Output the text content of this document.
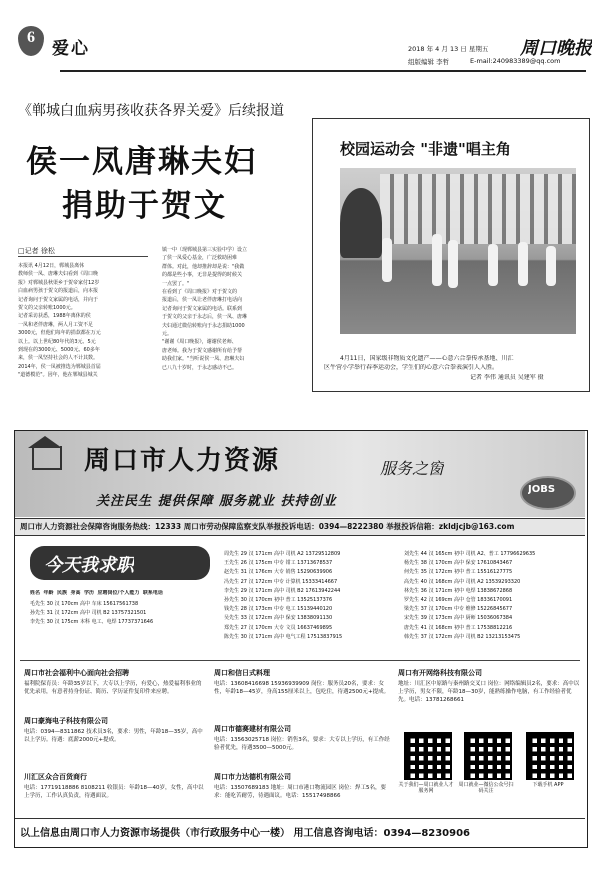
6
爱心	2018 年 4 月 13 日 星期五 周口晚报
组版编辑 李哲	E-mail:240983389@qq.com
《郸城白血病男孩收获各界关爱》后续报道
侯一凤唐琳夫妇
捐助于贺文
□记者 徐松
本报讯 4月12日，郸城县离休
教师侯一凤、唐琳夫妇看到《周口晚
报》对郸城县秋渠乡于贺帝家付12岁
白血病男孩于贺文的报道后，向本报
记者询问于贺文家属的电话，并向于
贺文的父亲转账1000元。
记者采访获悉，1988年离休的侯
一凤和老伴唐琳，两人月工资不足
3000元，但他们每年的捐款都在万元
以上。以上世纪80年代的3元、5元
到现在的3000元、5000元、60多年
来，侯一凤坚持社会的人不计其数。
2014年，侯一凤被推选为郸城县首届
"道德模范"。因年，他在郸城县城关
镇一中（现郸城县第三实验中学）设立
了侯一凤爱心基金，广泛救助困难
群体。对此，他却推辞却是说："我做
的都是些小事，无非是提得的时候关
一点罢了。"
在看到了《周口晚报》对于贺文的
报道后，侯一凤让老伴唐琳打电话向
记者询问于贺文家属的电话。联系到
于贺文的父亲于永志后，侯一凤、唐琳
夫妇通过微信转账向于永志捐助1000
元。
"谢谢《周口晚报》，谢谢侯老师、
唐老师。我为于贺文感谢所有给予帮
助我们家。"当听说侯一凤、唐琳夫妇
已八九十岁时，于永志感动不已。
校园运动会 "非遗"唱主角
4月11日，国家级非物质文化遗产——心意六合拳传承基地、川汇
区牛营小学举行春季运动会，学生们的心意六合拳表演引人入胜。
记者 李伟 通讯员 吴建军 摄
周口市人力资源	服务之窗
关注民生 提供保障 服务就业 扶持创业
JOBS
周口市人力资源社会保障咨询服务热线：12333 周口市劳动保障监察支队举报投诉电话：0394—8222380 举报投诉信箱：zkldjcjb@163.com
今天我求职
姓名 年龄 民族 身高 学历 应聘岗位/个人能力 联系电话
毛先生 30 汉 170cm 高中 车床 15617561738
孙先生 31 汉 172cm 高中 司机 B2 13757321501
李先生 30 汉 175cm 本科 电工、电焊 17737371646
周先生 29 汉 171cm 高中 司机 A2 13729512809
王先生 26 汉 175cm 中专 钳工 13713678537
赵先生 31 汉 176cm 大专 销售 15290639906
冯先生 27 汉 172cm 中专 计算机 15333414667
李先生 29 汉 171cm 高中 司机 B2 17613942244
孙先生 30 汉 170cm 初中 普工 13525137376
钱先生 28 汉 173cm 中专 电工 15139440120
吴先生 33 汉 172cm 高中 保安 13838091130
郑先生 27 汉 170cm 大专 文员 16637469895
陈先生 30 汉 171cm 高中 电气工程 17513837915
刘先生 44 汉 165cm 初中 司机 A2、普工 17796629635
杨先生 38 汉 170cm 高中 保安 17610843467
何先生 35 汉 172cm 初中 普工 15516127775
高先生 40 汉 168cm 高中 司机 A2 13539293320
林先生 36 汉 171cm 初中 电焊 13838672868
罗先生 42 汉 169cm 高中 仓管 18336170091
梁先生 37 汉 170cm 中专 维修 15226845677
宋先生 39 汉 173cm 高中 厨师 15036067384
唐先生 41 汉 168cm 初中 普工 17538812216
韩先生 37 汉 172cm 高中 司机 B2 13213153475
周口市社会福利中心面向社会招聘
福利院保育员：年龄35岁以下，大专以上学历，有爱心，热爱福利事业的优先录用，有意者持身份证、简历、学历证件复印件来应聘。
周口豪海电子科技有限公司
电话：0394—8311862 技术员3名，要求：男性，年龄18—35岁，高中以上学历。待遇：底薪2000元+提成。
川汇区众合百货商行
电话：17719118886 8108211 收银员：年龄18—40岁，女性，高中以上学历，工作认真负责，待遇面议。
周口和信日式料理
电话：13608416698 15936939909 岗位：服务员20名，要求：女性，年龄18—45岁，身高155厘米以上，包吃住，待遇2500元+提成。
周口市德赛建材有限公司
电话：13563025718 岗位：销售3名，要求：大专以上学历，有工作经验者优先，待遇3500—5000元。
周口市力达德机有限公司
电话：13507689183 地址：周口市港口物流园区 岗位：焊工5名，要求：能吃苦耐劳，待遇面议。电话：15517498866
周口有开网络科技有限公司
地址：川汇区中原路与秦州路交叉口 岗位：网络编辑员2名，要求：高中以上学历，男女不限，年龄18—30岁，能熟练操作电脑，有工作经验者优先。电话：13781268661
关于我们—周口就业人才服务网
周口就业—微信公众号扫码关注
下载手机 APP
以上信息由周口市人力资源市场提供（市行政服务中心一楼） 用工信息咨询电话：0394—8230906
